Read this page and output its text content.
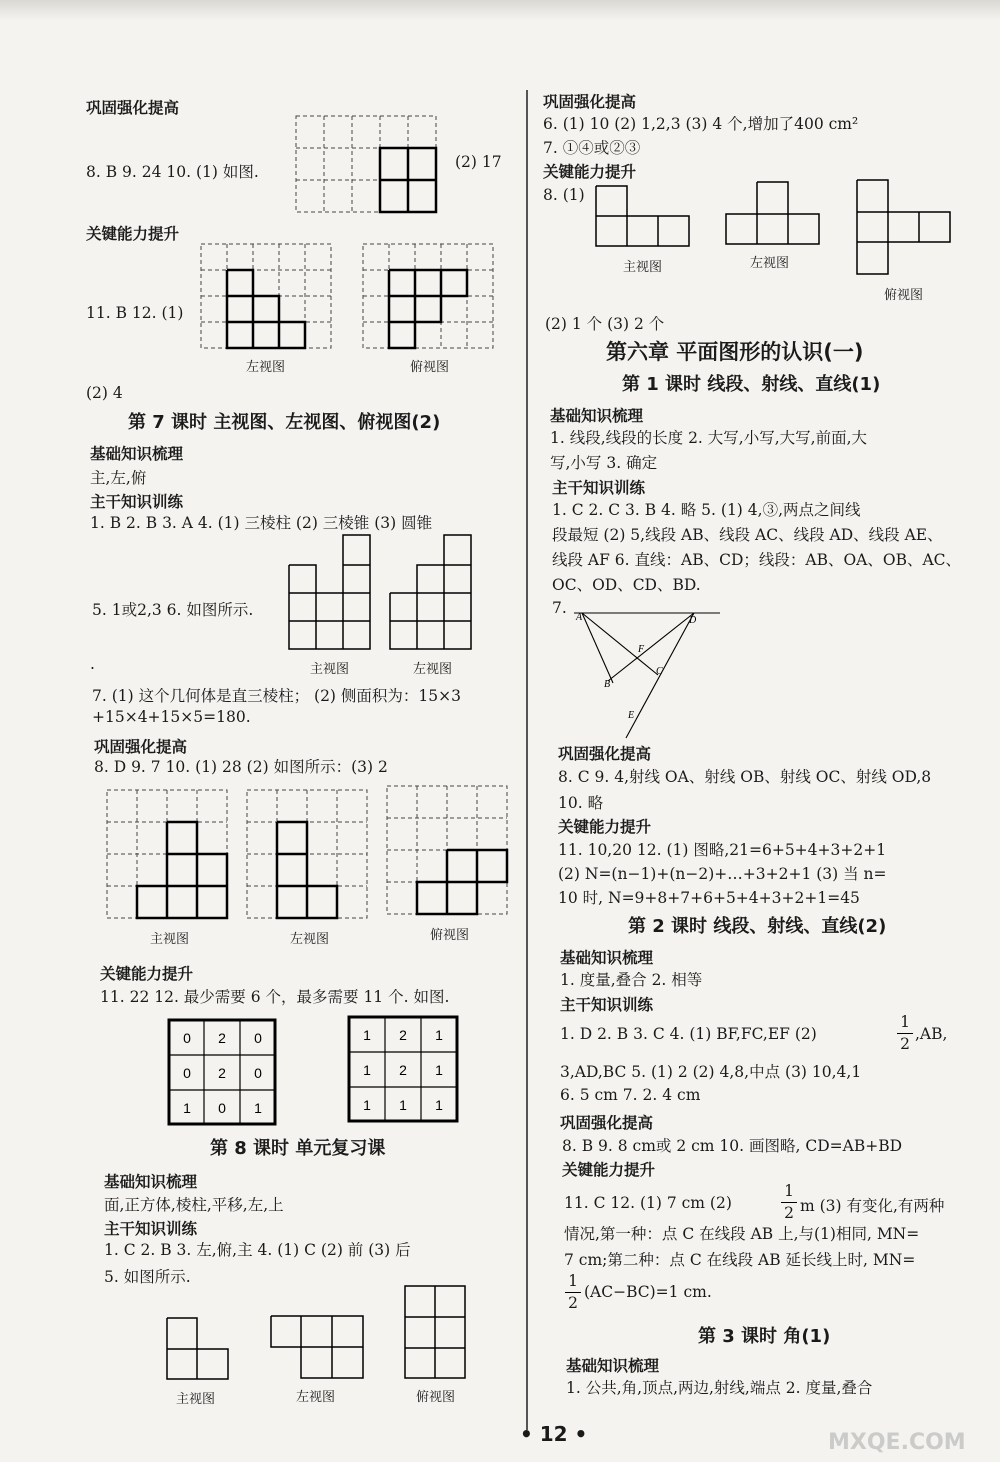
巩固强化提高
8. B 9. 24 10. (1) 如图.
(2) 17
关键能力提升
11. B 12. (1)
左视图	俯视图
(2) 4
第 7 课时 主视图、左视图、俯视图(2)
基础知识梳理
主,左,俯
主干知识训练
1. B 2. B 3. A 4. (1) 三棱柱 (2) 三棱锥 (3) 圆锥
主视图	左视图
5. 1或2,3 6. 如图所示.
.
7. (1) 这个几何体是直三棱柱； (2) 侧面积为：15×3
+15×4+15×5=180.
巩固强化提高
8. D 9. 7 10. (1) 28 (2) 如图所示：(3) 2
主视图	左视图	俯视图
关键能力提升
11. 22 12. 最少需要 6 个，最多需要 11 个. 如图.
0 2 0
0 2 0
1 0 1
1 2 1
1 2 1
1 1 1
第 8 课时 单元复习课
基础知识梳理
面,正方体,棱柱,平移,左,上
主干知识训练
1. C 2. B 3. 左,俯,主 4. (1) C (2) 前 (3) 后
5. 如图所示.
主视图	左视图	俯视图
巩固强化提高
6. (1) 10 (2) 1,2,3 (3) 4 个,增加了400 cm²
7. ①④或②③
关键能力提升
8. (1)
主视图	左视图
俯视图
(2) 1 个 (3) 2 个
第六章 平面图形的认识(一)
第 1 课时 线段、射线、直线(1)
基础知识梳理
1. 线段,线段的长度 2. 大写,小写,大写,前面,大
写,小写 3. 确定
主干知识训练
1. C 2. C 3. B 4. 略 5. (1) 4,③,两点之间线
段最短 (2) 5,线段 AB、线段 AC、线段 AD、线段 AE、
线段 AF 6. 直线：AB、CD；线段：AB、OA、OB、AC、
OC、OD、CD、BD.
7.
A	D
F
C
B
E
巩固强化提高
8. C 9. 4,射线 OA、射线 OB、射线 OC、射线 OD,8
10. 略
关键能力提升
11. 10,20 12. (1) 图略,21=6+5+4+3+2+1
(2) N=(n−1)+(n−2)+…+3+2+1 (3) 当 n=
10 时, N=9+8+7+6+5+4+3+2+1=45
第 2 课时 线段、射线、直线(2)
基础知识梳理
1. 度量,叠合 2. 相等
主干知识训练
1. D 2. B 3. C 4. (1) BF,FC,EF (2)
1
2
,AB,
3,AD,BC 5. (1) 2 (2) 4,8,中点 (3) 10,4,1
6. 5 cm 7. 2. 4 cm
巩固强化提高
8. B 9. 8 cm或 2 cm 10. 画图略, CD=AB+BD
关键能力提升
11. C 12. (1) 7 cm (2)
1
2 m (3) 有变化,有两种
情况,第一种：点 C 在线段 AB 上,与(1)相同, MN=
7 cm;第二种：点 C 在线段 AB 延长线上时, MN=
1
2
(AC−BC)=1 cm.
第 3 课时 角(1)
基础知识梳理
1. 公共,角,顶点,两边,射线,端点 2. 度量,叠合
• 12 •	MXQE.COM
